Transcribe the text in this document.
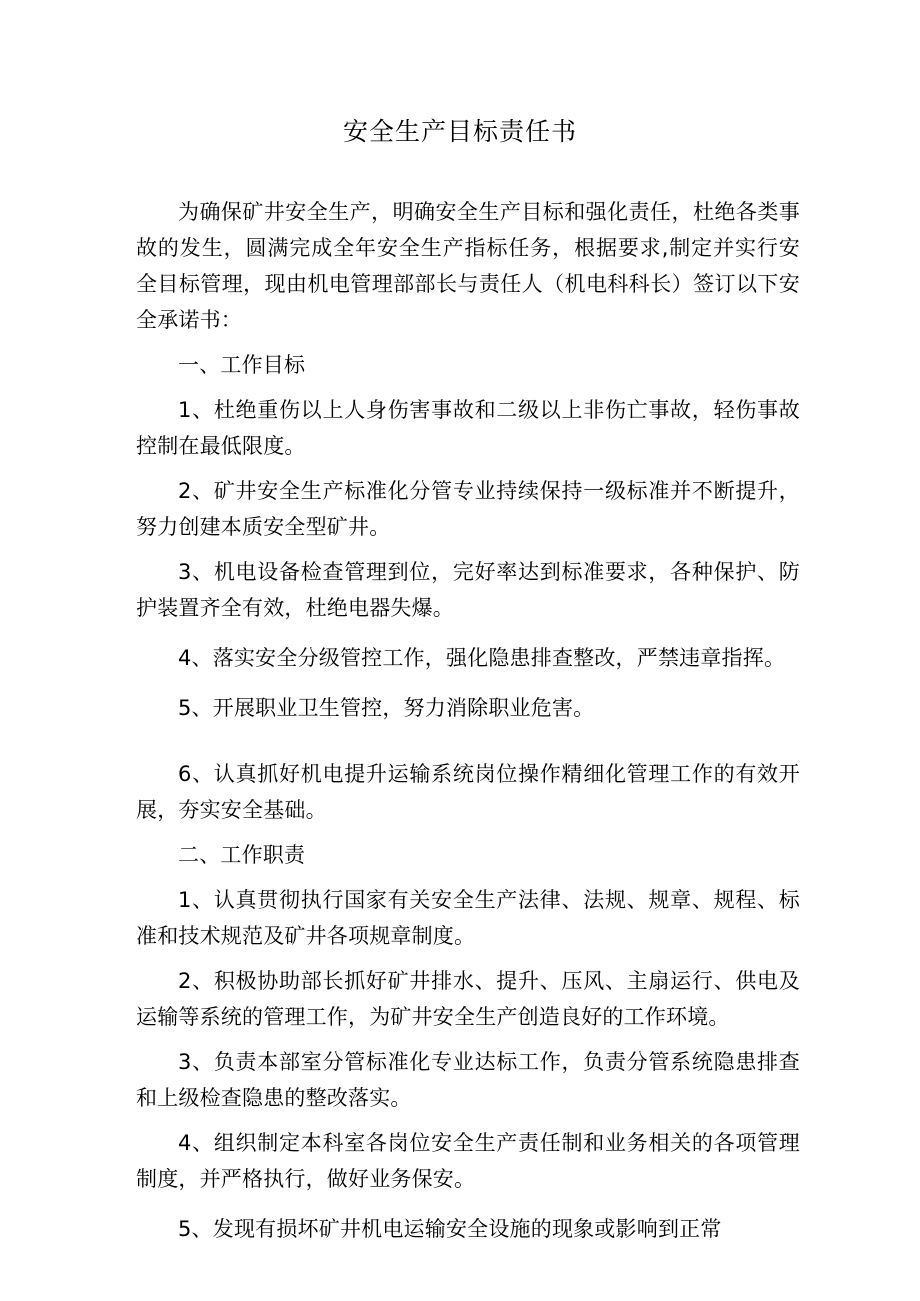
安全生产目标责任书

为确保矿井安全生产，明确安全生产目标和强化责任，杜绝各类事故的发生，圆满完成全年安全生产指标任务，根据要求,制定并实行安全目标管理，现由机电管理部部长与责任人（机电科科长）签订以下安全承诺书：

一、工作目标

1、杜绝重伤以上人身伤害事故和二级以上非伤亡事故，轻伤事故控制在最低限度。

2、矿井安全生产标准化分管专业持续保持一级标准并不断提升，努力创建本质安全型矿井。

3、机电设备检查管理到位，完好率达到标准要求，各种保护、防护装置齐全有效，杜绝电器失爆。

4、落实安全分级管控工作，强化隐患排查整改，严禁违章指挥。

5、开展职业卫生管控，努力消除职业危害。

6、认真抓好机电提升运输系统岗位操作精细化管理工作的有效开展，夯实安全基础。

二、工作职责

1、认真贯彻执行国家有关安全生产法律、法规、规章、规程、标准和技术规范及矿井各项规章制度。

2、积极协助部长抓好矿井排水、提升、压风、主扇运行、供电及运输等系统的管理工作，为矿井安全生产创造良好的工作环境。

3、负责本部室分管标准化专业达标工作，负责分管系统隐患排查和上级检查隐患的整改落实。

4、组织制定本科室各岗位安全生产责任制和业务相关的各项管理制度，并严格执行，做好业务保安。

5、发现有损坏矿井机电运输安全设施的现象或影响到正常
